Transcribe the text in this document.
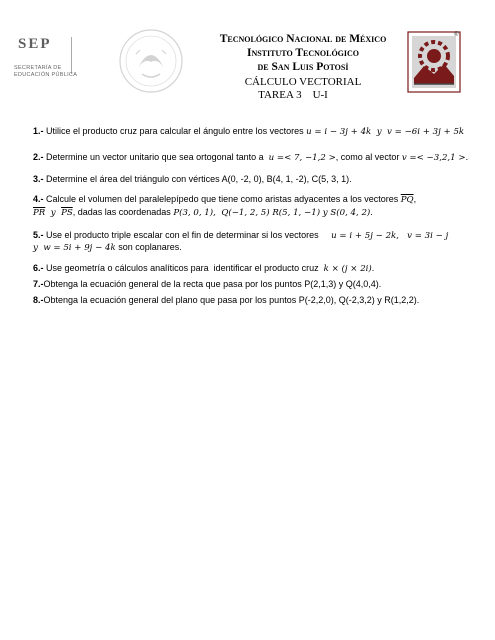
SEP
SECRETARÍA DE
EDUCACIÓN PÚBLICA
®
Tecnológico Nacional de México
Instituto Tecnológico
de San Luis Potosí
CÁLCULO VECTORIAL
TAREA 3    U-I
1.- Utilice el producto cruz para calcular el ángulo entre los vectores u = i − 3j + 4k  y  v = −6i + 3j + 5k
2.- Determine un vector unitario que sea ortogonal tanto a  u =< 7, −1,2 >, como al vector v =< −3,2,1 >.
3.- Determine el área del triángulo con vértices A(0, -2, 0), B(4, 1, -2), C(5, 3, 1).
4.- Calcule el volumen del paralelepípedo que tiene como aristas adyacentes a los vectores $\overline{PQ}$,
$\overline{PR}$  y  $\overline{PS}$, dadas las coordenadas P(3, 0, 1),  Q(−1, 2, 5) R(5, 1, −1) y S(0, 4, 2).
5.- Use el producto triple escalar con el fin de determinar si los vectores     u = i + 5j − 2k,   v = 3i − j
y  w = 5i + 9j − 4k son coplanares.
6.- Use geometría o cálculos analíticos para  identificar el producto cruz  k × (j × 2i).
7.-Obtenga la ecuación general de la recta que pasa por los puntos P(2,1,3) y Q(4,0,4).
8.-Obtenga la ecuación general del plano que pasa por los puntos P(-2,2,0), Q(-2,3,2) y R(1,2,2).
